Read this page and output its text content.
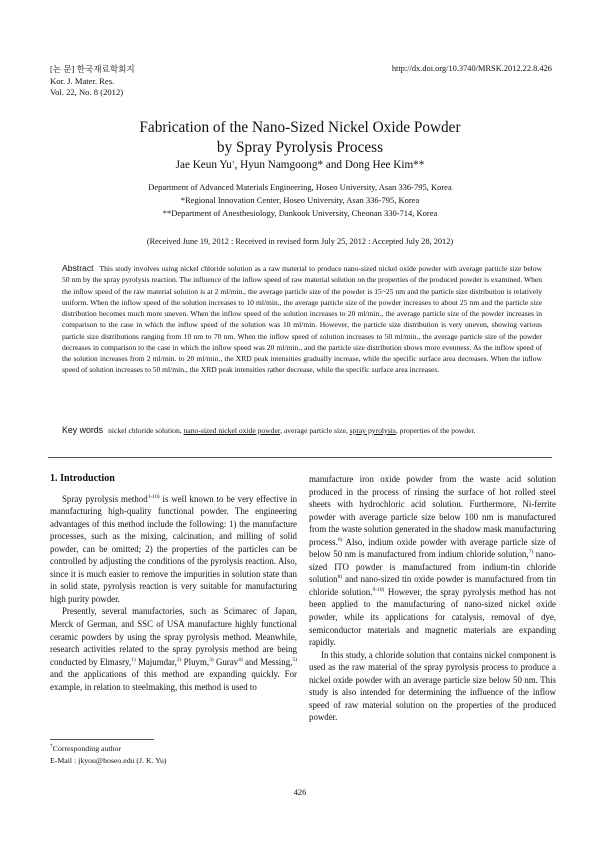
[논 문] 한국재료학회지
Kor. J. Mater. Res.
Vol. 22, No. 8 (2012)
http://dx.doi.org/10.3740/MRSK.2012.22.8.426
Fabrication of the Nano-Sized Nickel Oxide Powder
by Spray Pyrolysis Process
Jae Keun Yu†, Hyun Namgoong* and Dong Hee Kim**
Department of Advanced Materials Engineering, Hoseo University, Asan 336-795, Korea
*Regional Innovation Center, Hoseo University, Asan 336-795, Korea
**Department of Anesthesiology, Dankook University, Cheonan 330-714, Korea
(Received June 19, 2012 : Received in revised form July 25, 2012 : Accepted July 28, 2012)
Abstract This study involves using nickel chloride solution as a raw material to produce nano-sized nickel oxide powder with average particle size below 50 nm by the spray pyrolysis reaction. The influence of the inflow speed of raw material solution on the properties of the produced powder is examined. When the inflow speed of the raw material solution is at 2 ml/min., the average particle size of the powder is 15~25 nm and the particle size distribution is relatively uniform. When the inflow speed of the solution increases to 10 ml/min., the average particle size of the powder increases to about 25 nm and the particle size distribution becomes much more uneven. When the inflow speed of the solution increases to 20 ml/min., the average particle size of the powder increases in comparison to the case in which the inflow speed of the solution was 10 ml/min. However, the particle size distribution is very uneven, showing various particle size distributions ranging from 10 nm to 70 nm. When the inflow speed of solution increases to 50 ml/min., the average particle size of the powder decreases in comparison to the case in which the inflow speed was 20 ml/min., and the particle size distribution shows more evenness. As the inflow speed of the solution increases from 2 ml/min. to 20 ml/min., the XRD peak intensities gradually increase, while the specific surface area decreases. When the inflow speed of solution increases to 50 ml/min., the XRD peak intensities rather decrease, while the specific surface area increases.
Key words nickel chloride solution, nano-sized nickel oxide powder, average particle size, spray pyrolysis, properties of the powder.
1. Introduction

Spray pyrolysis method$^{1-10)}$ is well known to be very effective in manufacturing high-quality functional powder. The engineering advantages of this method include the following: 1) the manufacture processes, such as the mixing, calcination, and milling of solid powder, can be omitted; 2) the properties of the particles can be controlled by adjusting the conditions of the pyrolysis reaction. Also, since it is much easier to remove the impurities in solution state than in solid state, pyrolysis reaction is very suitable for manufacturing high purity powder.

Presently, several manufactories, such as Scimarec of Japan, Merck of German, and SSC of USA manufacture highly functional ceramic powders by using the spray pyrolysis method. Meanwhile, research activities related to the spray pyrolysis method are being conducted by Elmasry,$^{1)}$ Majumdar,$^{2)}$ Pluym,$^{3)}$ Gurav$^{4)}$ and Messing,$^{5)}$ and the applications of this method are expanding quickly. For example, in relation to steelmaking, this method is used to

manufacture iron oxide powder from the waste acid solution produced in the process of rinsing the surface of hot rolled steel sheets with hydrochloric acid solution. Furthermore, Ni-ferrite powder with average particle size below 100 nm is manufactured from the waste solution generated in the shadow mask manufacturing process.$^{6)}$ Also, indium oxide powder with average particle size of below 50 nm is manufactured from indium chloride solution,$^{7)}$ nano-sized ITO powder is manufactured from indium-tin chloride solution$^{8)}$ and nano-sized tin oxide powder is manufactured from tin chloride solution.$^{9-10)}$ However, the spray pyrolysis method has not been applied to the manufacturing of nano-sized nickel oxide powder, while its applications for catalysis, removal of dye, semiconductor materials and magnetic materials are expanding rapidly.

In this study, a chloride solution that contains nickel component is used as the raw material of the spray pyrolysis process to produce a nickel oxide powder with an average particle size below 50 nm. This study is also intended for determining the influence of the inflow speed of raw material solution on the properties of the produced powder.

†Corresponding author
E-Mail : jkyou@hoseo.edu (J. K. Yu)
426
